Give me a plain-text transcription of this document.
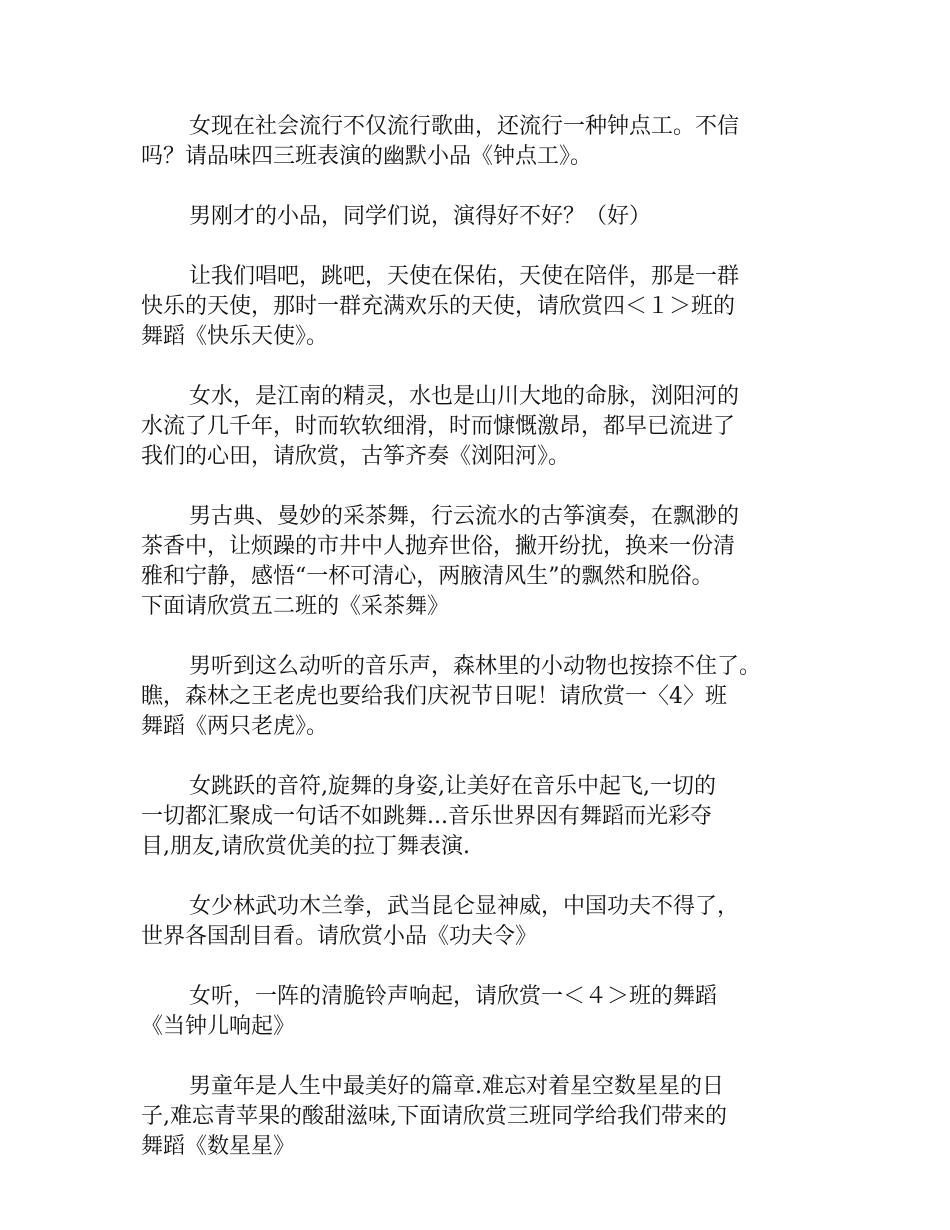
女现在社会流行不仅流行歌曲，还流行一种钟点工。不信
吗？请品味四三班表演的幽默小品《钟点工》。

男刚才的小品，同学们说，演得好不好？（好）

让我们唱吧，跳吧，天使在保佑，天使在陪伴，那是一群
快乐的天使，那时一群充满欢乐的天使，请欣赏四＜１＞班的
舞蹈《快乐天使》。

女水，是江南的精灵，水也是山川大地的命脉，浏阳河的
水流了几千年，时而软软细滑，时而慷慨激昂，都早已流进了
我们的心田，请欣赏，古筝齐奏《浏阳河》。

男古典、曼妙的采茶舞，行云流水的古筝演奏，在飘渺的
茶香中，让烦躁的市井中人抛弃世俗，撇开纷扰，换来一份清
雅和宁静，感悟“一杯可清心，两腋清风生”的飘然和脱俗。
下面请欣赏五二班的《采茶舞》

男听到这么动听的音乐声，森林里的小动物也按捺不住了。
瞧，森林之王老虎也要给我们庆祝节日呢！请欣赏一〈4〉班
舞蹈《两只老虎》。

女跳跃的音符,旋舞的身姿,让美好在音乐中起飞,一切的
一切都汇聚成一句话不如跳舞...音乐世界因有舞蹈而光彩夺
目,朋友,请欣赏优美的拉丁舞表演.

女少林武功木兰拳，武当昆仑显神威，中国功夫不得了，
世界各国刮目看。请欣赏小品《功夫令》

女听，一阵的清脆铃声响起，请欣赏一＜４＞班的舞蹈
《当钟儿响起》

男童年是人生中最美好的篇章.难忘对着星空数星星的日
子,难忘青苹果的酸甜滋味,下面请欣赏三班同学给我们带来的
舞蹈《数星星》
